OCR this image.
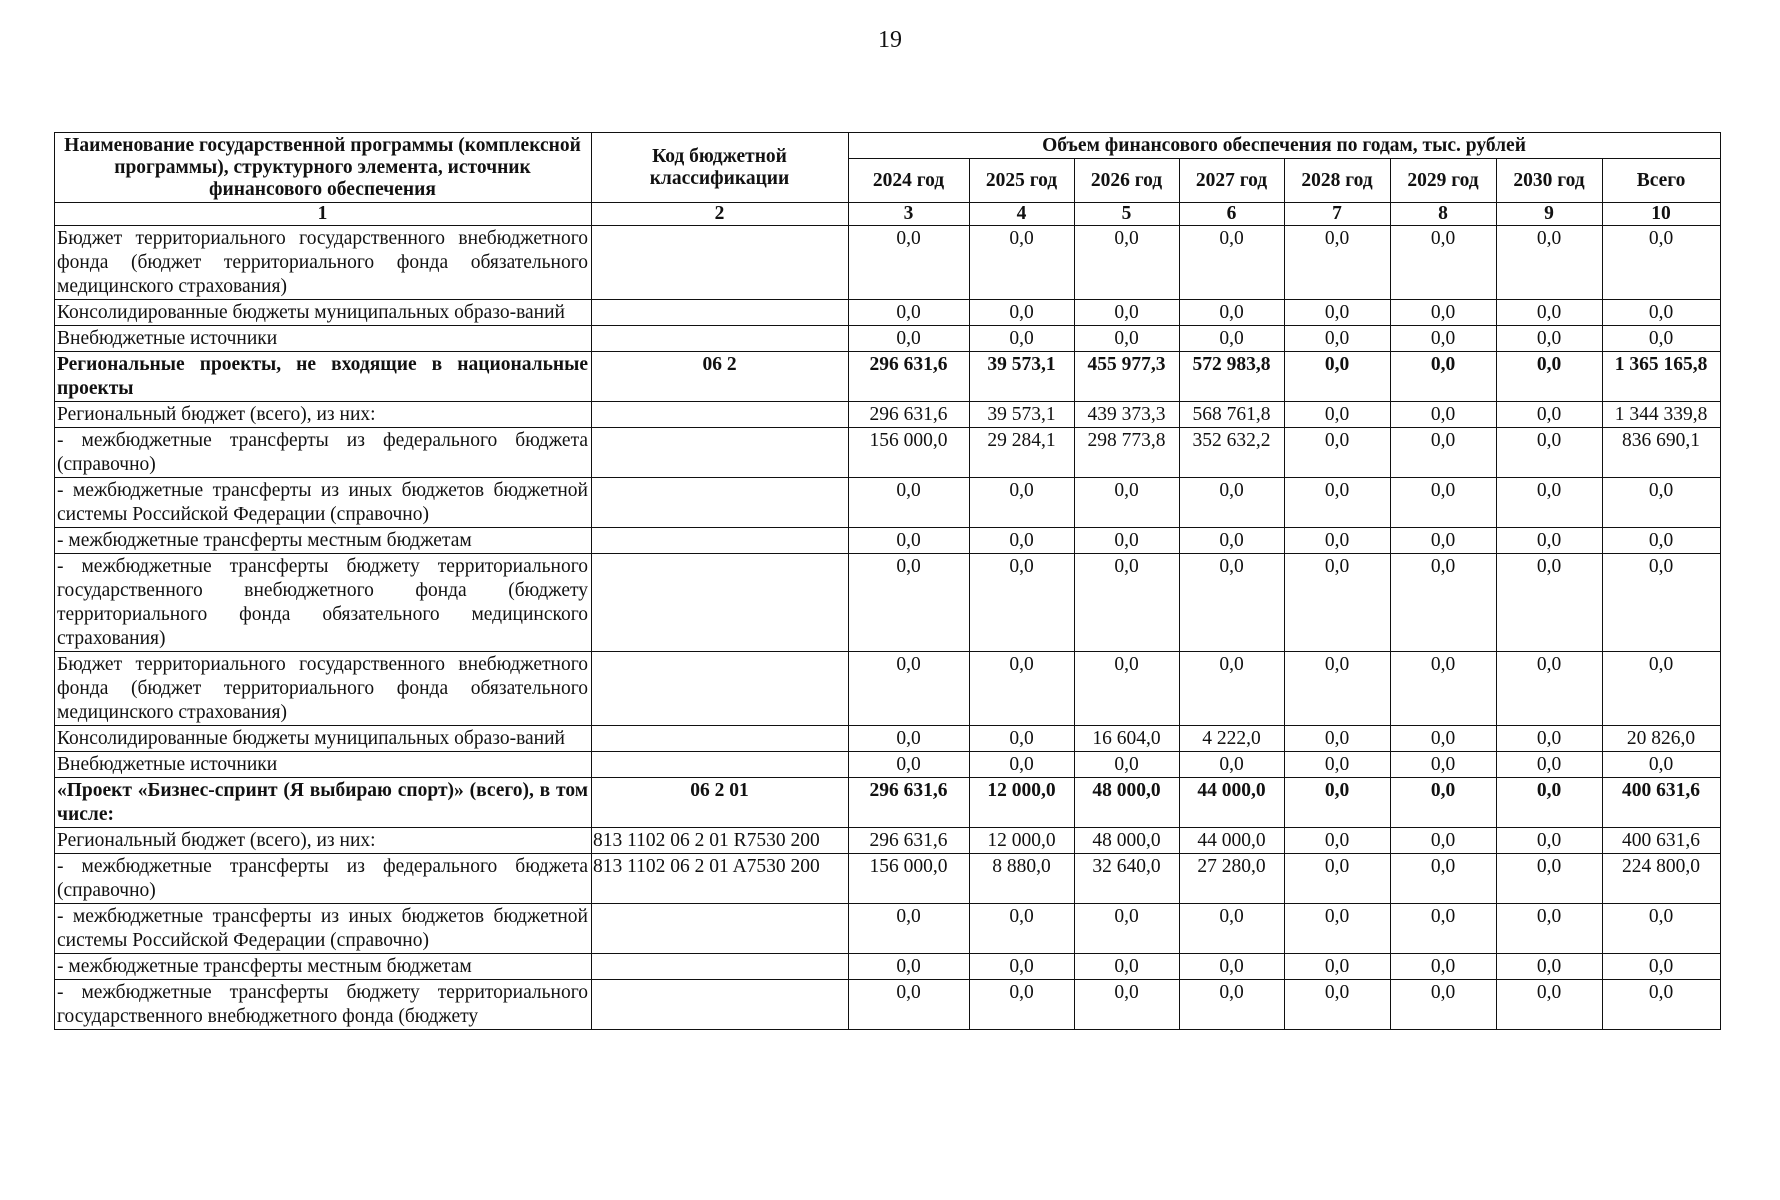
19
Наименование государственной программы (комплексной программы), структурного элемента, источник финансового обеспечения	Код бюджетной классификации	Объем финансового обеспечения по годам, тыс. рублей							
		2024 год	2025 год	2026 год	2027 год	2028 год	2029 год	2030 год	Всего
1	2	3	4	5	6	7	8	9	10
Бюджет территориального государственного внебюджетного фонда (бюджет территориального фонда обязательного медицинского страхования)		0,0	0,0	0,0	0,0	0,0	0,0	0,0	0,0
Консолидированные бюджеты муниципальных образо-ваний		0,0	0,0	0,0	0,0	0,0	0,0	0,0	0,0
Внебюджетные источники		0,0	0,0	0,0	0,0	0,0	0,0	0,0	0,0
Региональные проекты, не входящие в национальные проекты	06 2	296 631,6	39 573,1	455 977,3	572 983,8	0,0	0,0	0,0	1 365 165,8
Региональный бюджет (всего), из них:		296 631,6	39 573,1	439 373,3	568 761,8	0,0	0,0	0,0	1 344 339,8
- межбюджетные трансферты из федерального бюджета (справочно)		156 000,0	29 284,1	298 773,8	352 632,2	0,0	0,0	0,0	836 690,1
- межбюджетные трансферты из иных бюджетов бюджетной системы Российской Федерации (справочно)		0,0	0,0	0,0	0,0	0,0	0,0	0,0	0,0
- межбюджетные трансферты местным бюджетам		0,0	0,0	0,0	0,0	0,0	0,0	0,0	0,0
- межбюджетные трансферты бюджету территориального государственного внебюджетного фонда (бюджету территориального фонда обязательного медицинского страхования)		0,0	0,0	0,0	0,0	0,0	0,0	0,0	0,0
Бюджет территориального государственного внебюджетного фонда (бюджет территориального фонда обязательного медицинского страхования)		0,0	0,0	0,0	0,0	0,0	0,0	0,0	0,0
Консолидированные бюджеты муниципальных образо-ваний		0,0	0,0	16 604,0	4 222,0	0,0	0,0	0,0	20 826,0
Внебюджетные источники		0,0	0,0	0,0	0,0	0,0	0,0	0,0	0,0
«Проект «Бизнес-спринт (Я выбираю спорт)» (всего), в том числе:	06 2 01	296 631,6	12 000,0	48 000,0	44 000,0	0,0	0,0	0,0	400 631,6
Региональный бюджет (всего), из них:	813 1102 06 2 01 R7530 200	296 631,6	12 000,0	48 000,0	44 000,0	0,0	0,0	0,0	400 631,6
- межбюджетные трансферты из федерального бюджета (справочно)	813 1102 06 2 01 A7530 200	156 000,0	8 880,0	32 640,0	27 280,0	0,0	0,0	0,0	224 800,0
- межбюджетные трансферты из иных бюджетов бюджетной системы Российской Федерации (справочно)		0,0	0,0	0,0	0,0	0,0	0,0	0,0	0,0
- межбюджетные трансферты местным бюджетам		0,0	0,0	0,0	0,0	0,0	0,0	0,0	0,0
- межбюджетные трансферты бюджету территориального государственного внебюджетного фонда (бюджету		0,0	0,0	0,0	0,0	0,0	0,0	0,0	0,0
